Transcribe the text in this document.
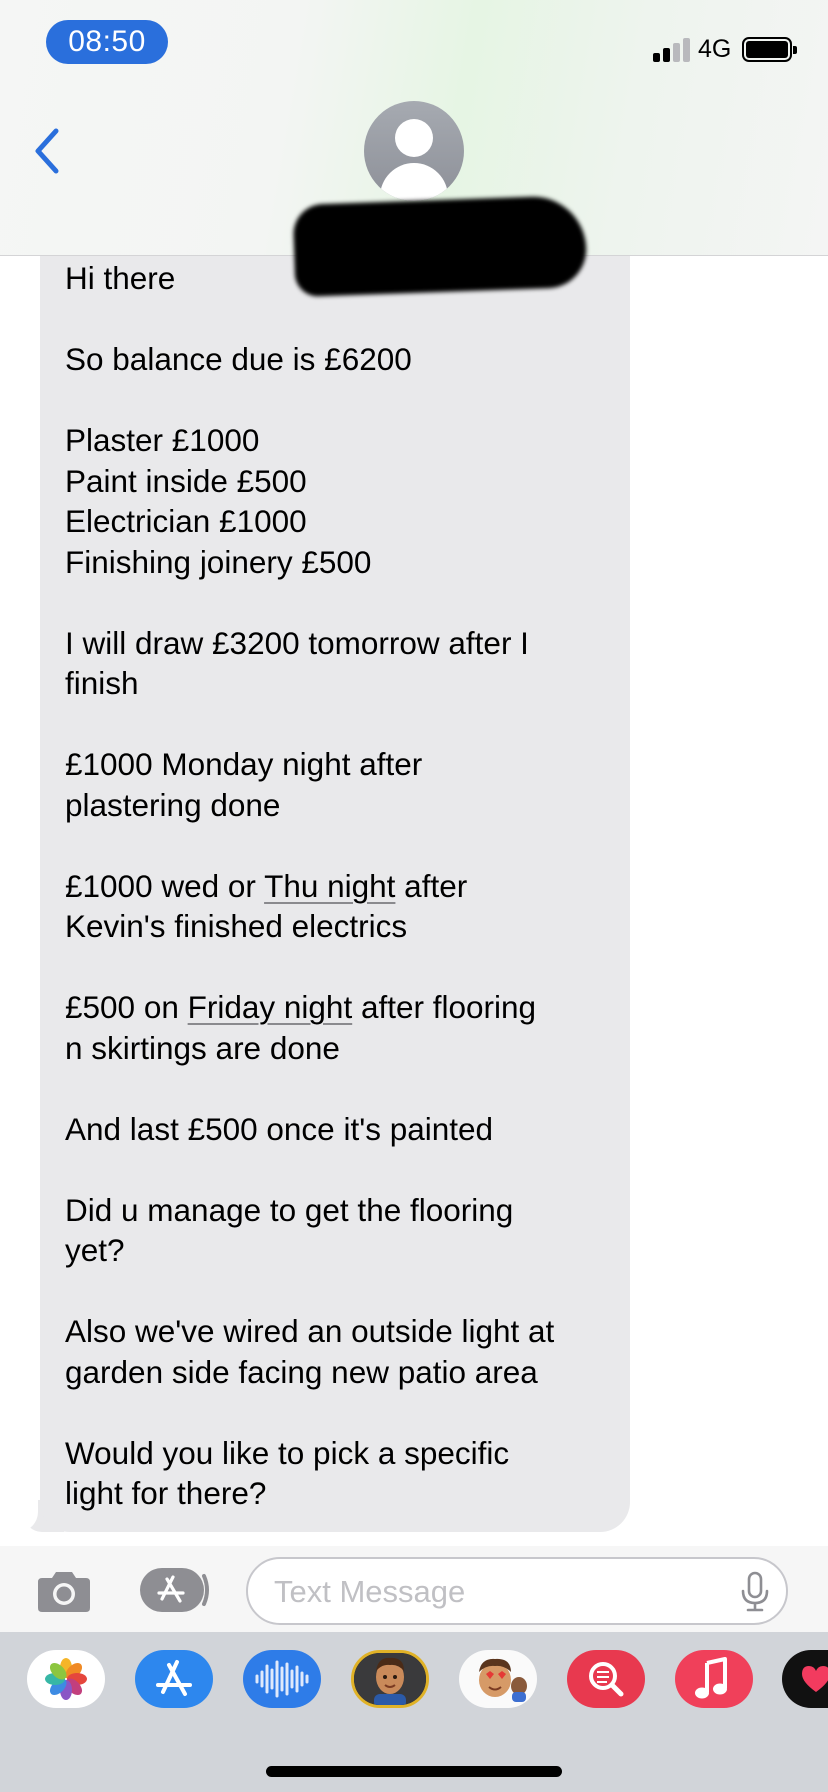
08:50	4G
Hi there
So balance due is £6200
Plaster £1000
Paint inside £500
Electrician £1000
Finishing joinery £500
I will draw £3200 tomorrow after I
finish
£1000 Monday night after
plastering done
£1000 wed or Thu night after
Kevin's finished electrics
£500 on Friday night after flooring
n skirtings are done
And last £500 once it's painted
Did u manage to get the flooring
yet?
Also we've wired an outside light at
garden side facing new patio area
Would you like to pick a specific
light for there?
Text Message
